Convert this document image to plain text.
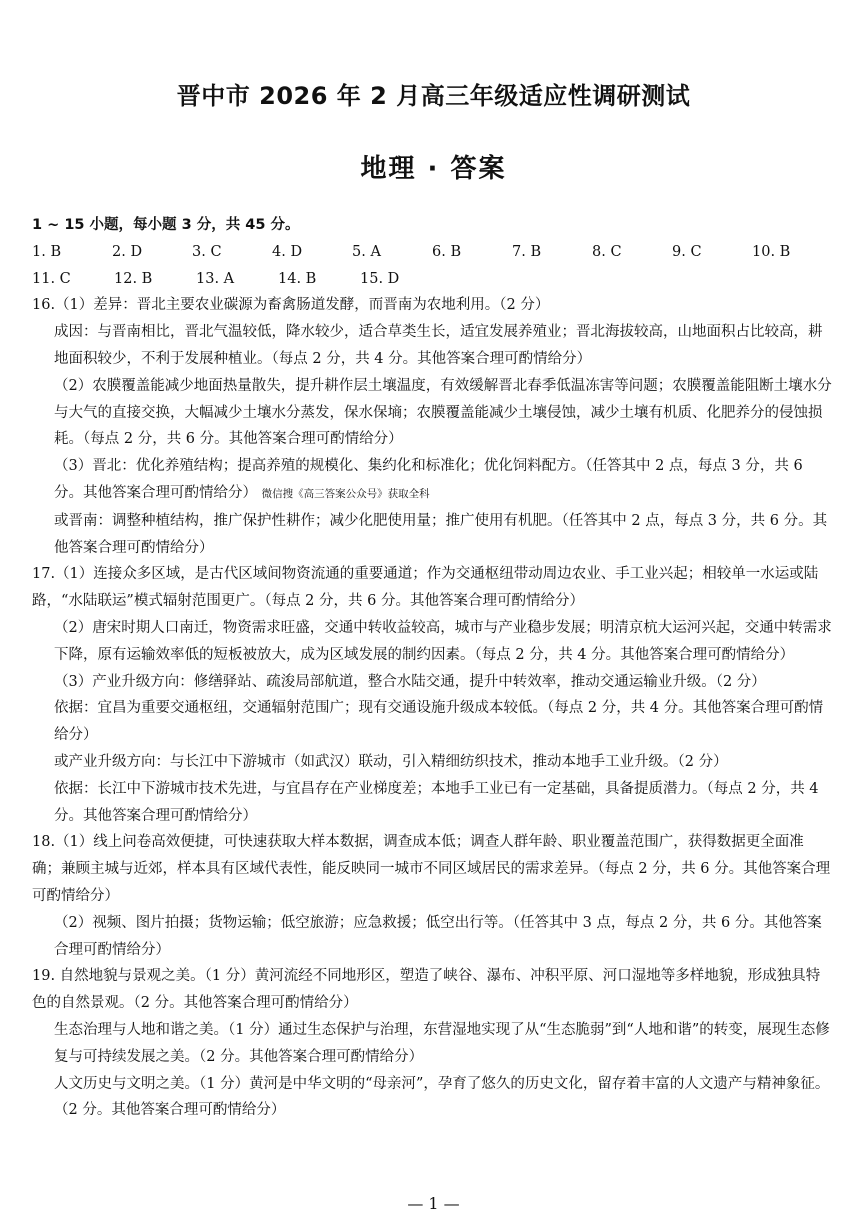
晋中市 2026 年 2 月高三年级适应性调研测试
地理 · 答案
1 ~ 15 小题，每小题 3 分，共 45 分。
1. B	2. D	3. C	4. D	5. A	6. B	7. B	8. C	9. C	10. B
11. C	12. B	13. A	14. B	15. D
16.（1）差异：晋北主要农业碳源为畜禽肠道发酵，而晋南为农地利用。（2 分）
成因：与晋南相比，晋北气温较低，降水较少，适合草类生长，适宜发展养殖业；晋北海拔较高，山地面积占比较高，耕地面积较少，不利于发展种植业。（每点 2 分，共 4 分。其他答案合理可酌情给分）
（2）农膜覆盖能减少地面热量散失，提升耕作层土壤温度，有效缓解晋北春季低温冻害等问题；农膜覆盖能阻断土壤水分与大气的直接交换，大幅减少土壤水分蒸发，保水保墒；农膜覆盖能减少土壤侵蚀，减少土壤有机质、化肥养分的侵蚀损耗。（每点 2 分，共 6 分。其他答案合理可酌情给分）
（3）晋北：优化养殖结构；提高养殖的规模化、集约化和标准化；优化饲料配方。（任答其中 2 点，每点 3 分，共 6 分。其他答案合理可酌情给分） 微信搜《高三答案公众号》获取全科
或晋南：调整种植结构，推广保护性耕作；减少化肥使用量；推广使用有机肥。（任答其中 2 点，每点 3 分，共 6 分。其他答案合理可酌情给分）
17.（1）连接众多区域，是古代区域间物资流通的重要通道；作为交通枢纽带动周边农业、手工业兴起；相较单一水运或陆路，“水陆联运”模式辐射范围更广。（每点 2 分，共 6 分。其他答案合理可酌情给分）
（2）唐宋时期人口南迁，物资需求旺盛，交通中转收益较高，城市与产业稳步发展；明清京杭大运河兴起，交通中转需求下降，原有运输效率低的短板被放大，成为区域发展的制约因素。（每点 2 分，共 4 分。其他答案合理可酌情给分）
（3）产业升级方向：修缮驿站、疏浚局部航道，整合水陆交通，提升中转效率，推动交通运输业升级。（2 分）
依据：宜昌为重要交通枢纽，交通辐射范围广；现有交通设施升级成本较低。（每点 2 分，共 4 分。其他答案合理可酌情给分）
或产业升级方向：与长江中下游城市（如武汉）联动，引入精细纺织技术，推动本地手工业升级。（2 分）
依据：长江中下游城市技术先进，与宜昌存在产业梯度差；本地手工业已有一定基础，具备提质潜力。（每点 2 分，共 4 分。其他答案合理可酌情给分）
18.（1）线上问卷高效便捷，可快速获取大样本数据，调查成本低；调查人群年龄、职业覆盖范围广，获得数据更全面准确；兼顾主城与近郊，样本具有区域代表性，能反映同一城市不同区域居民的需求差异。（每点 2 分，共 6 分。其他答案合理可酌情给分）
（2）视频、图片拍摄；货物运输；低空旅游；应急救援；低空出行等。（任答其中 3 点，每点 2 分，共 6 分。其他答案合理可酌情给分）
19. 自然地貌与景观之美。（1 分）黄河流经不同地形区，塑造了峡谷、瀑布、冲积平原、河口湿地等多样地貌，形成独具特色的自然景观。（2 分。其他答案合理可酌情给分）
生态治理与人地和谐之美。（1 分）通过生态保护与治理，东营湿地实现了从“生态脆弱”到“人地和谐”的转变，展现生态修复与可持续发展之美。（2 分。其他答案合理可酌情给分）
人文历史与文明之美。（1 分）黄河是中华文明的“母亲河”，孕育了悠久的历史文化，留存着丰富的人文遗产与精神象征。（2 分。其他答案合理可酌情给分）
— 1 —
